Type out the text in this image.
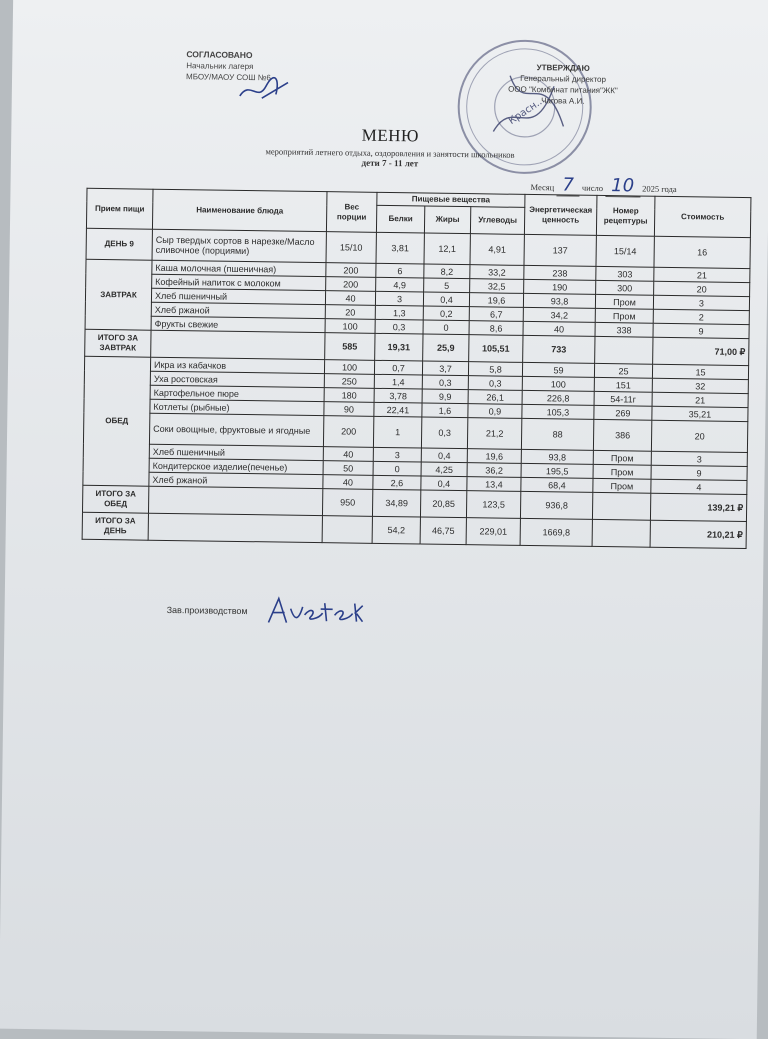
СОГЛАСОВАНО
Начальник лагеря
МБОУ/МАОУ СОШ №6
Красн...
УТВЕРЖДАЮ
Генеральный директор
ООО "Комбинат питания"ЖК"
Чагова А.И.
МЕНЮ
мероприятий летнего отдыха, оздоровления и занятости школьников
дети 7 - 11 лет
Месяц 7 число 10 2025 года
Прием пищи	Наименование блюда	Вес порции	Пищевые вещества			Энергетическая ценность	Номер рецептуры	Стоимость
			Белки	Жиры	Углеводы			
ДЕНЬ 9	Сыр твердых сортов в нарезке/Масло сливочное (порциями)	15/10	3,81	12,1	4,91	137	15/14	16
ЗАВТРАК	Каша молочная (пшеничная)	200	6	8,2	33,2	238	303	21
	Кофейный напиток с молоком	200	4,9	5	32,5	190	300	20
	Хлеб пшеничный	40	3	0,4	19,6	93,8	Пром	3
	Хлеб ржаной	20	1,3	0,2	6,7	34,2	Пром	2
	Фрукты свежие	100	0,3	0	8,6	40	338	9
ИТОГО ЗА ЗАВТРАК		585	19,31	25,9	105,51	733		71,00 ₽
ОБЕД	Икра из кабачков	100	0,7	3,7	5,8	59	25	15
	Уха ростовская	250	1,4	0,3	0,3	100	151	32
	Картофельное пюре	180	3,78	9,9	26,1	226,8	54-11г	21
	Котлеты (рыбные)	90	22,41	1,6	0,9	105,3	269	35,21
	Соки овощные, фруктовые и ягодные	200	1	0,3	21,2	88	386	20
	Хлеб пшеничный	40	3	0,4	19,6	93,8	Пром	3
	Кондитерское изделие(печенье)	50	0	4,25	36,2	195,5	Пром	9
	Хлеб ржаной	40	2,6	0,4	13,4	68,4	Пром	4
ИТОГО ЗА ОБЕД		950	34,89	20,85	123,5	936,8		139,21 ₽
ИТОГО ЗА ДЕНЬ			54,2	46,75	229,01	1669,8		210,21 ₽
Зав.производством
